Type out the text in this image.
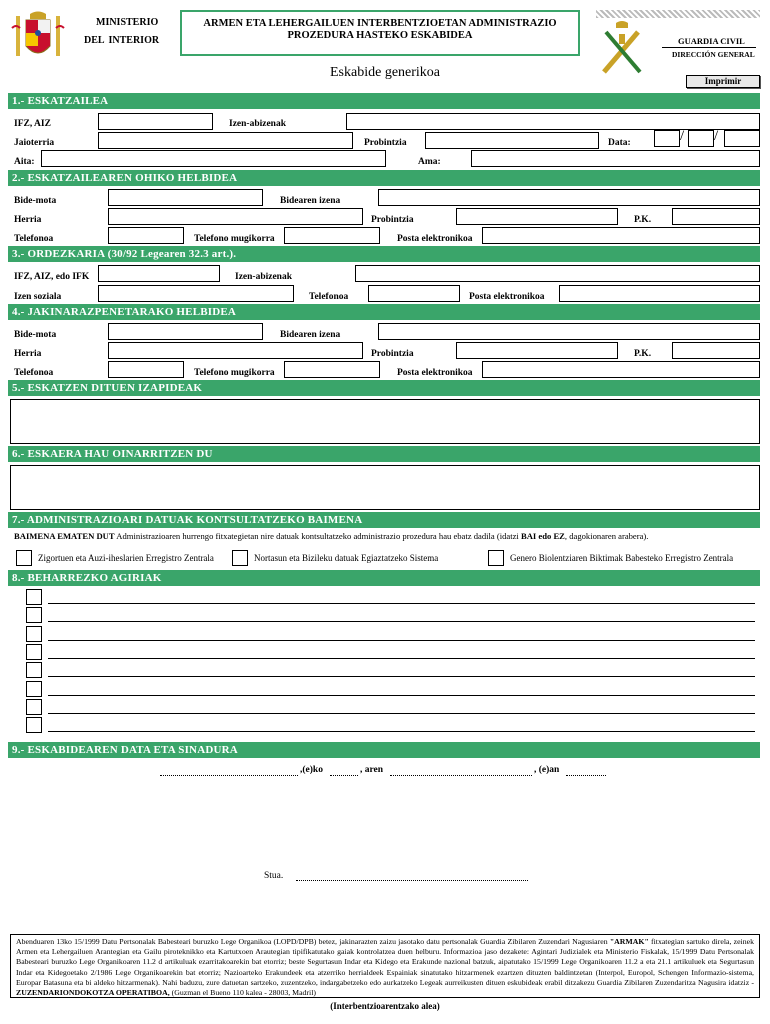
MINISTERIO
DEL INTERIOR
ARMEN ETA LEHERGAILUEN INTERBENTZIOETAN ADMINISTRAZIO
PROZEDURA HASTEKO ESKABIDEA	GUARDIA CIVIL
DIRECCIÓN GENERAL
Eskabide generikoa
Imprimir
1.- ESKATZAILEA
IFZ, AIZ	Izen-abizenak
Jaioterria	Probintzia	Data:	/ /
Aita:	Ama:
2.- ESKATZAILEAREN OHIKO HELBIDEA
Bide-mota	Bidearen izena
Herria	Probintzia	P.K.
Telefonoa	Telefono mugikorra	Posta elektronikoa
3.- ORDEZKARIA (30/92 Legearen 32.3 art.).
IFZ, AIZ, edo IFK	Izen-abizenak
Izen soziala	Telefonoa	Posta elektronikoa
4.- JAKINARAZPENETARAKO HELBIDEA
Bide-mota	Bidearen izena
Herria	Probintzia	P.K.
Telefonoa	Telefono mugikorra	Posta elektronikoa
5.- ESKATZEN DITUEN IZAPIDEAK
6.- ESKAERA HAU OINARRITZEN DU
7.- ADMINISTRAZIOARI DATUAK KONTSULTATZEKO BAIMENA
BAIMENA EMATEN DUT Administrazioaren hurrengo fitxategietan nire datuak kontsultatzeko administrazio prozedura hau ebatz dadila (idatzi BAI edo EZ, dagokionaren arabera).
Zigortuen eta Auzi-iheslarien Erregistro Zentrala	Nortasun eta Bizileku datuak Egiaztatzeko Sistema	Genero Biolentziaren Biktimak Babesteko Erregistro Zentrala
8.- BEHARREZKO AGIRIAK
9.- ESKABIDEAREN DATA ETA SINADURA
,(e)ko	, aren	, (e)an
Stua.
Abenduaren 13ko 15/1999 Datu Pertsonalak Babesteari buruzko Lege Organikoa (LOPD/DPB) betez, jakinarazten zaizu jasotako datu pertsonalak Guardia Zibilaren Zuzendari Nagusiaren "ARMAK" fitxategian sartuko direla, zeinek Armen eta Lehergailuen Arantegian eta Gailu piroteknikko eta Kartutxoen Arautegian tipifikatutako gaiak kontrolatzea duen helburu. Informazioa jaso dezakete: Agintari Judizialek eta Ministerio Fiskalak, 15/1999 Datu Pertsonalak Babesteari buruzko Lege Organikoaren 11.2 d artikuluak ezarritakoarekin bat etorriz; beste Segurtasun Indar eta Kidego eta Erakunde nazional batzuk, aipatutako 15/1999 Lege Organikoaren 11.2 a eta 21.1 artikuluek eta Segurtasun Indar eta Kidegoetako 2/1986 Lege Organikoarekin bat etorriz; Nazioarteko Erakundeek eta atzerriko herrialdeek Espainiak sinatutako hitzarmenek ezartzen dituzten baldintzetan (Interpol, Europol, Schengen Informazio-sistema, Europar Batasuna eta bi aldeko hitzarmenak). Nahi baduzu, zure datuetan sartzeko, zuzentzeko, indargabetzeko edo aurkatzeko Legeak aurreikusten dituen eskubideak erabil ditzakezu Guardia Zibilaren Zuzendaritza Nagusira idatziz - ZUZENDARIONDOKOTZA OPERATIBOA, (Guzman el Bueno 110 kalea - 28003, Madril)
(Interbentzioarentzako alea)
